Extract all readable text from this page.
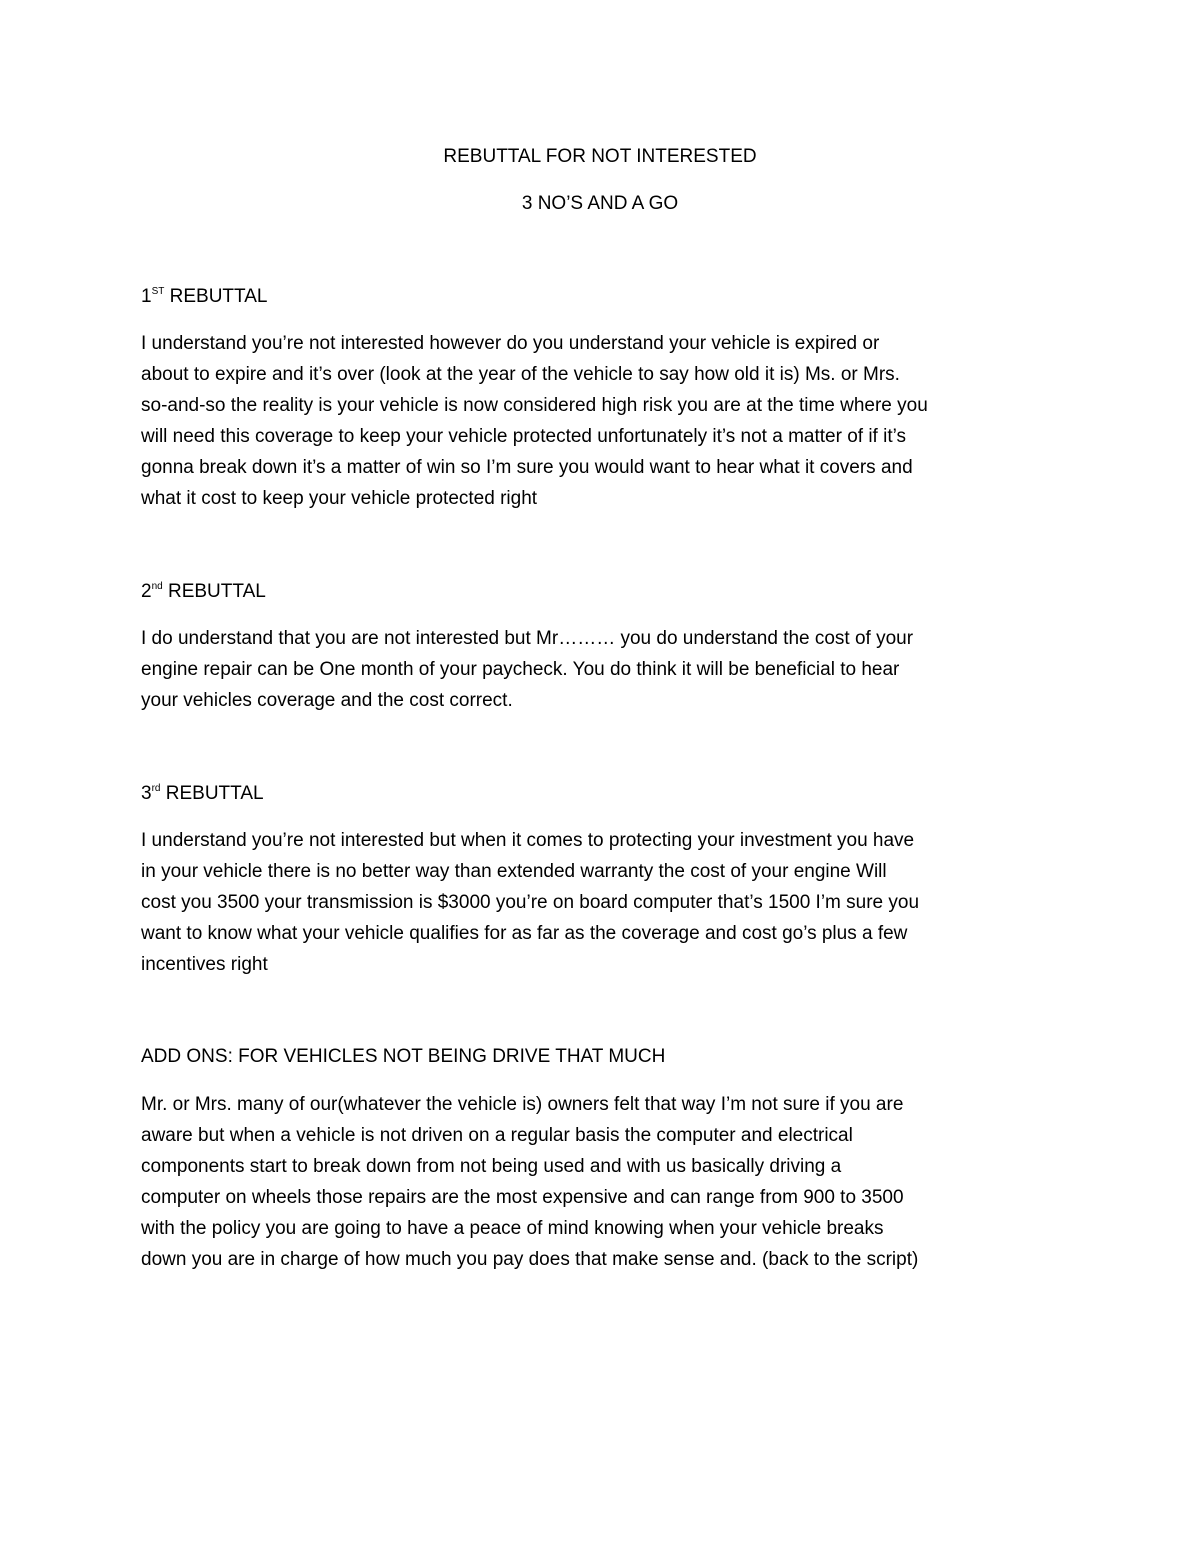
REBUTTAL FOR NOT INTERESTED
3 NO’S AND A GO
1ST REBUTTAL
I understand you’re not interested however do you understand your vehicle is expired or
about to expire and it’s over (look at the year of the vehicle to say how old it is) Ms. or Mrs.
so-and-so the reality is your vehicle is now considered high risk you are at the time where you
will need this coverage to keep your vehicle protected unfortunately it’s not a matter of if it’s
gonna break down it’s a matter of win so I’m sure you would want to hear what it covers and
what it cost to keep your vehicle protected right
2nd REBUTTAL
I do understand that you are not interested but Mr……… you do understand the cost of your
engine repair can be One month of your paycheck. You do think it will be beneficial to hear
your vehicles coverage and the cost correct.
3rd REBUTTAL
I understand you’re not interested but when it comes to protecting your investment you have
in your vehicle there is no better way than extended warranty the cost of your engine Will
cost you 3500 your transmission is $3000 you’re on board computer that’s 1500 I’m sure you
want to know what your vehicle qualifies for as far as the coverage and cost go’s plus a few
incentives right
ADD ONS: FOR VEHICLES NOT BEING DRIVE THAT MUCH
Mr. or Mrs. many of our(whatever the vehicle is) owners felt that way I’m not sure if you are
aware but when a vehicle is not driven on a regular basis the computer and electrical
components start to break down from not being used and with us basically driving a
computer on wheels those repairs are the most expensive and can range from 900 to 3500
with the policy you are going to have a peace of mind knowing when your vehicle breaks
down you are in charge of how much you pay does that make sense and. (back to the script)
